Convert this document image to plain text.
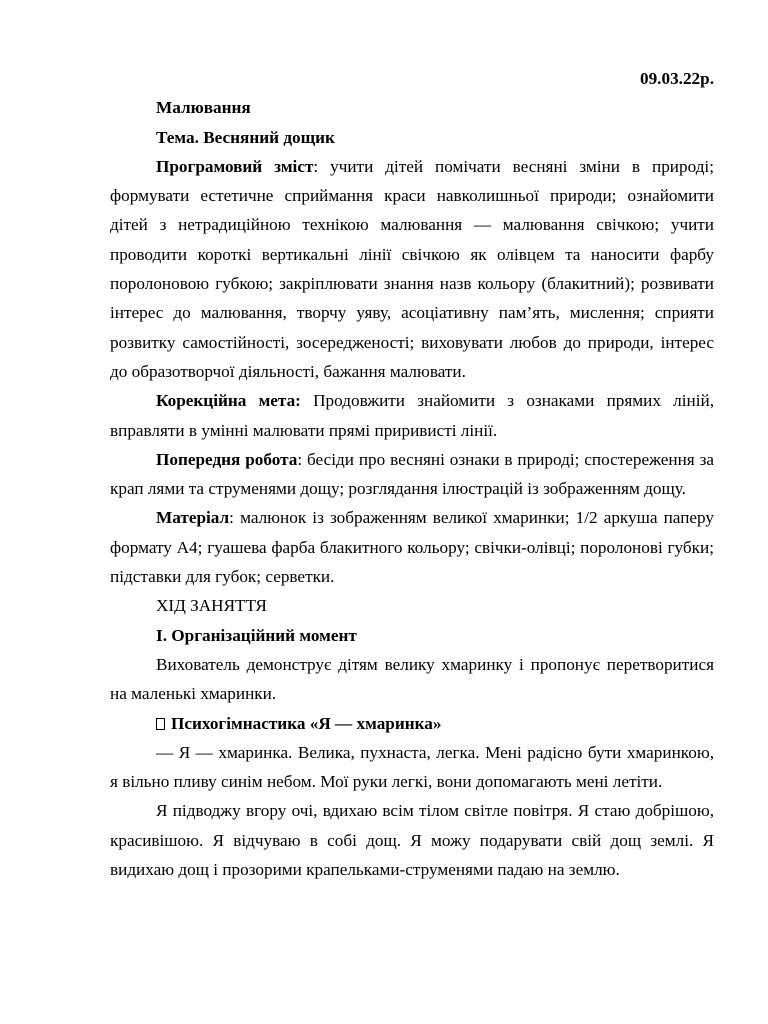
09.03.22р.

Малювання

Тема. Весняний дощик

Програмовий зміст: учити дітей помічати весняні зміни в природі; формувати естетичне сприймання краси навколишньої природи; ознайомити дітей з нетрадиційною технікою малювання — малювання свічкою; учити проводити короткі вертикальні лінії свічкою як олівцем та наносити фарбу поролоновою губкою; закріплювати знання назв кольору (блакитний); розвивати інтерес до малювання, творчу уяву, асоціативну пам’ять, мислення; сприяти розвитку самостійності, зосередженості; виховувати любов до природи, інтерес до образотворчої діяльності, бажання малювати.

Корекційна мета: Продовжити знайомити з ознаками прямих ліній, вправляти в умінні малювати прямі приривисті лінії.

Попередня робота: бесіди про весняні ознаки в природі; спостереження за крап лями та струменями дощу; розглядання ілюстрацій із зображенням дощу.

Матеріал: малюнок із зображенням великої хмаринки; 1/2 аркуша паперу формату А4; гуашева фарба блакитного кольору; свічки-олівці; поролонові губки; підставки для губок; серветки.

ХІД ЗАНЯТТЯ

І. Організаційний момент

Вихователь демонструє дітям велику хмаринку і пропонує перетворитися на маленькі хмаринки.

Психогімнастика «Я — хмаринка»

— Я — хмаринка. Велика, пухнаста, легка. Мені радісно бути хмаринкою, я вільно пливу синім небом. Мої руки легкі, вони допомагають мені летіти.

Я підводжу вгору очі, вдихаю всім тілом світле повітря. Я стаю добрішою, красивішою. Я відчуваю в собі дощ. Я можу подарувати свій дощ землі. Я видихаю дощ і прозорими крапельками-струменями падаю на землю.
